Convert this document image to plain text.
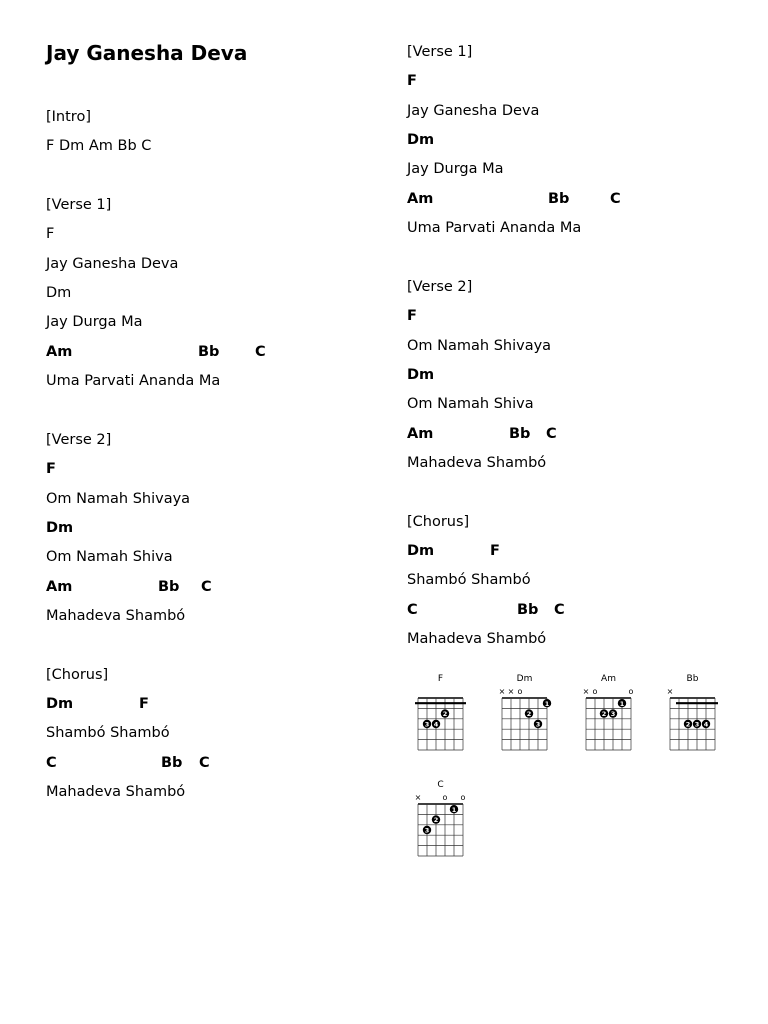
Jay Ganesha Deva
[Intro]
F Dm Am Bb C
[Verse 1]
F
Jay Ganesha Deva
Dm
Jay Durga Ma
Am	Bb C
Uma Parvati Ananda Ma
[Verse 2]
F
Om Namah Shivaya
Dm
Om Namah Shiva
Am	Bb C
Mahadeva Shambó
[Chorus]
Dm	F
Shambó Shambó
C	Bb C
Mahadeva Shambó
[Verse 1]
F
Jay Ganesha Deva
Dm
Jay Durga Ma
Am	Bb	C
Uma Parvati Ananda Ma
[Verse 2]
F
Om Namah Shivaya
Dm
Om Namah Shiva
Am	Bb C
Mahadeva Shambó
[Chorus]
Dm	F
Shambó Shambó
C	Bb C
Mahadeva Shambó
F
3 4
2
Dm
× × o
2
3
1
Am
× o	o
2 3
1
Bb
×
2 3 4
C
×	o o
3
2
1
